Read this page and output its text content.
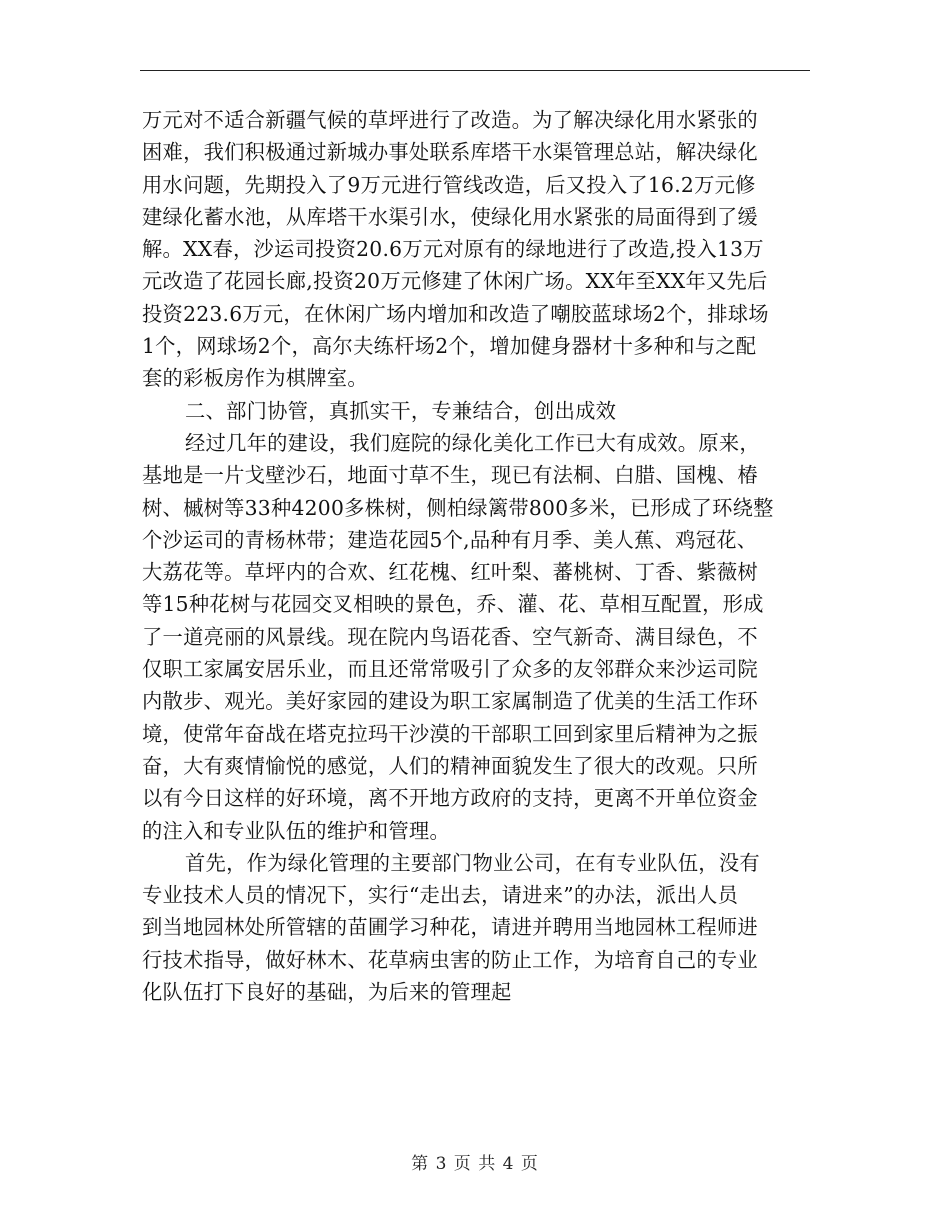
万元对不适合新疆气候的草坪进行了改造。为了解决绿化用水紧张的
困难，我们积极通过新城办事处联系库塔干水渠管理总站，解决绿化
用水问题，先期投入了9万元进行管线改造，后又投入了16.2万元修
建绿化蓄水池，从库塔干水渠引水，使绿化用水紧张的局面得到了缓
解。XX春，沙运司投资20.6万元对原有的绿地进行了改造,投入13万
元改造了花园长廊,投资20万元修建了休闲广场。XX年至XX年又先后
投资223.6万元，在休闲广场内增加和改造了嘲胶蓝球场2个，排球场
1个，网球场2个，高尔夫练杆场2个，增加健身器材十多种和与之配
套的彩板房作为棋牌室。
二、部门协管，真抓实干，专兼结合，创出成效
经过几年的建设，我们庭院的绿化美化工作已大有成效。原来，
基地是一片戈壁沙石，地面寸草不生，现已有法桐、白腊、国槐、椿
树、槭树等33种4200多株树，侧柏绿篱带800多米，已形成了环绕整
个沙运司的青杨林带；建造花园5个,品种有月季、美人蕉、鸡冠花、
大荔花等。草坪内的合欢、红花槐、红叶梨、蕃桃树、丁香、紫薇树
等15种花树与花园交叉相映的景色，乔、灌、花、草相互配置，形成
了一道亮丽的风景线。现在院内鸟语花香、空气新奇、满目绿色，不
仅职工家属安居乐业，而且还常常吸引了众多的友邻群众来沙运司院
内散步、观光。美好家园的建设为职工家属制造了优美的生活工作环
境，使常年奋战在塔克拉玛干沙漠的干部职工回到家里后精神为之振
奋，大有爽情愉悦的感觉，人们的精神面貌发生了很大的改观。只所
以有今日这样的好环境，离不开地方政府的支持，更离不开单位资金
的注入和专业队伍的维护和管理。
首先，作为绿化管理的主要部门物业公司，在有专业队伍，没有
专业技术人员的情况下，实行“走出去，请进来”的办法，派出人员
到当地园林处所管辖的苗圃学习种花，请进并聘用当地园林工程师进
行技术指导，做好林木、花草病虫害的防止工作，为培育自己的专业
化队伍打下良好的基础，为后来的管理起
第 3 页 共 4 页
